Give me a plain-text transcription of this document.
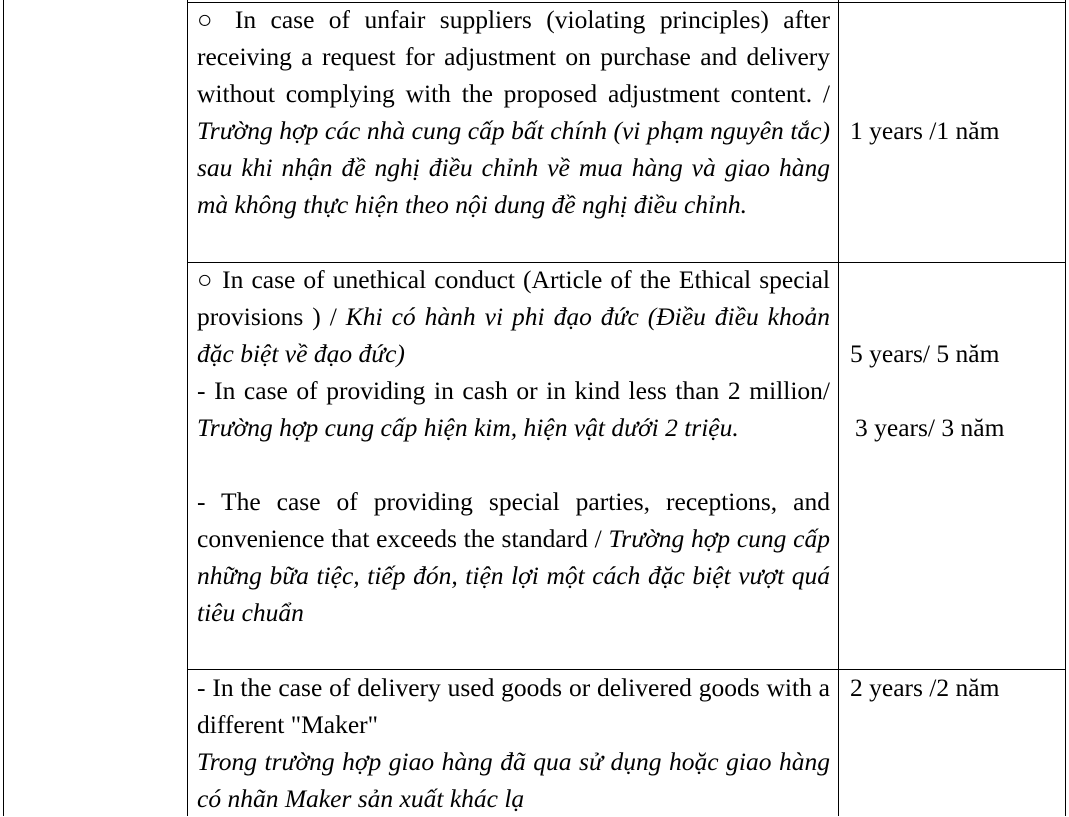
○ In case of unfair suppliers (violating principles) after receiving a request for adjustment on purchase and delivery without complying with the proposed adjustment content. / Trường hợp các nhà cung cấp bất chính (vi phạm nguyên tắc) sau khi nhận đề nghị điều chỉnh về mua hàng và giao hàng mà không thực hiện theo nội dung đề nghị điều chỉnh.

1 years /1 năm

○ In case of unethical conduct (Article of the Ethical special provisions ) / Khi có hành vi phi đạo đức (Điều điều khoản đặc biệt về đạo đức)

- In case of providing in cash or in kind less than 2 million/ Trường hợp cung cấp hiện kim, hiện vật dưới 2 triệu.

- The case of providing special parties, receptions, and convenience that exceeds the standard / Trường hợp cung cấp những bữa tiệc, tiếp đón, tiện lợi một cách đặc biệt vượt quá tiêu chuẩn

5 years/ 5 năm
3 years/ 3 năm

- In the case of delivery used goods or delivered goods with a different "Maker"

Trong trường hợp giao hàng đã qua sử dụng hoặc giao hàng có nhãn Maker sản xuất khác lạ

2 years /2 năm
